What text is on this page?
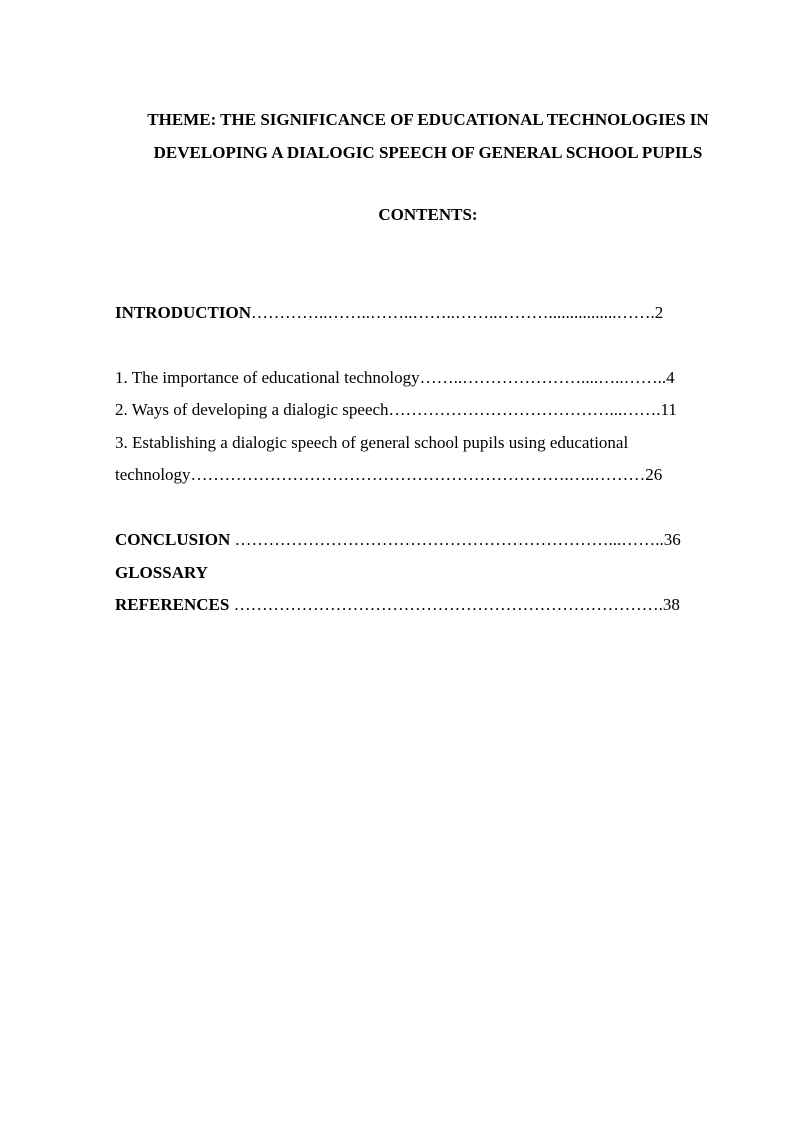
THEME: THE SIGNIFICANCE OF EDUCATIONAL TECHNOLOGIES IN
DEVELOPING A DIALOGIC SPEECH OF GENERAL SCHOOL PUPILS
CONTENTS:
INTRODUCTION…………..……..……..……..……..………................…….2
1. The importance of educational technology……..…………………....…..……..4
2. Ways of developing a dialogic speech…………………………………...…….11
3. Establishing a dialogic speech of general school pupils using educational
technology………………………………………………………….…..………26
CONCLUSION …………………………………………………………...……..36
GLOSSARY
REFERENCES ………………………………………………………………….38
